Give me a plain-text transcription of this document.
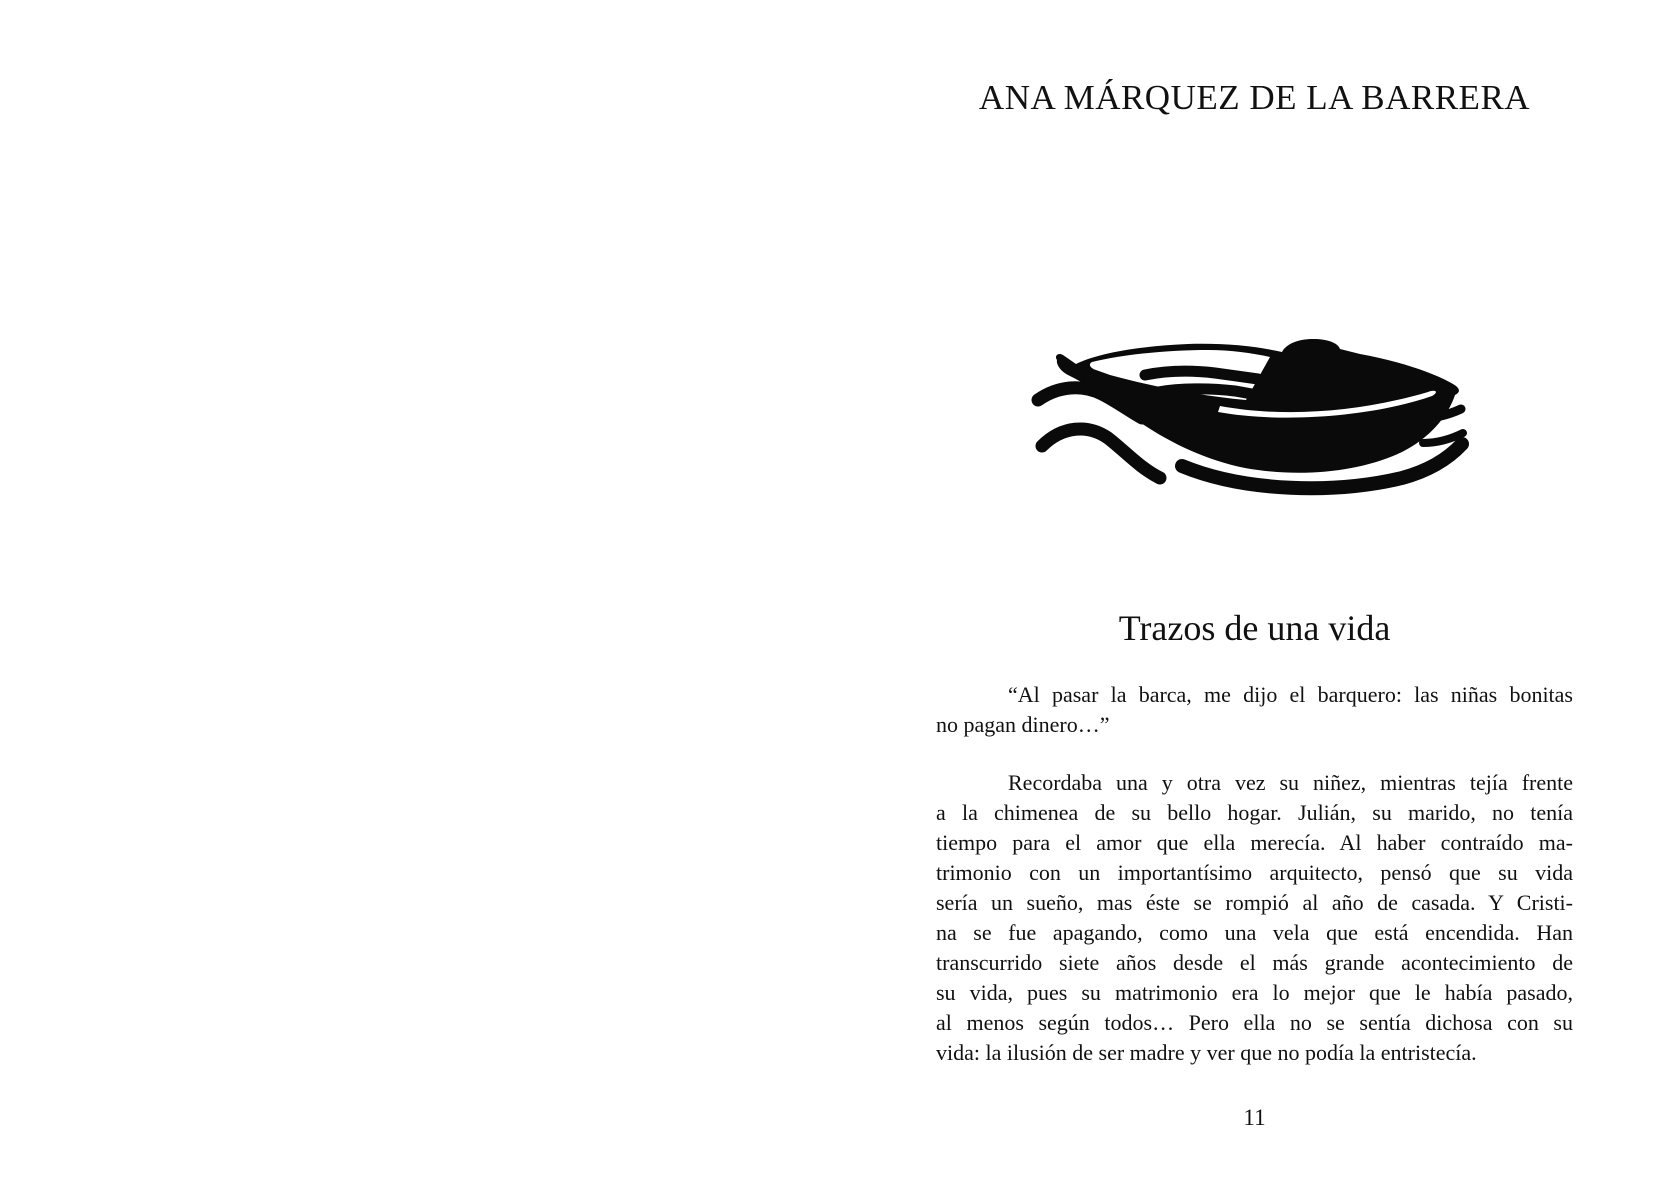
ANA MÁRQUEZ DE LA BARRERA
Trazos de una vida
“Al pasar la barca, me dijo el barquero: las niñas bonitas
no pagan dinero…”
Recordaba una y otra vez su niñez, mientras tejía frente
a la chimenea de su bello hogar. Julián, su marido, no tenía
tiempo para el amor que ella merecía. Al haber contraído ma-
trimonio con un importantísimo arquitecto, pensó que su vida
sería un sueño, mas éste se rompió al año de casada. Y Cristi-
na se fue apagando, como una vela que está encendida. Han
transcurrido siete años desde el más grande acontecimiento de
su vida, pues su matrimonio era lo mejor que le había pasado,
al menos según todos… Pero ella no se sentía dichosa con su
vida: la ilusión de ser madre y ver que no podía la entristecía.
11
